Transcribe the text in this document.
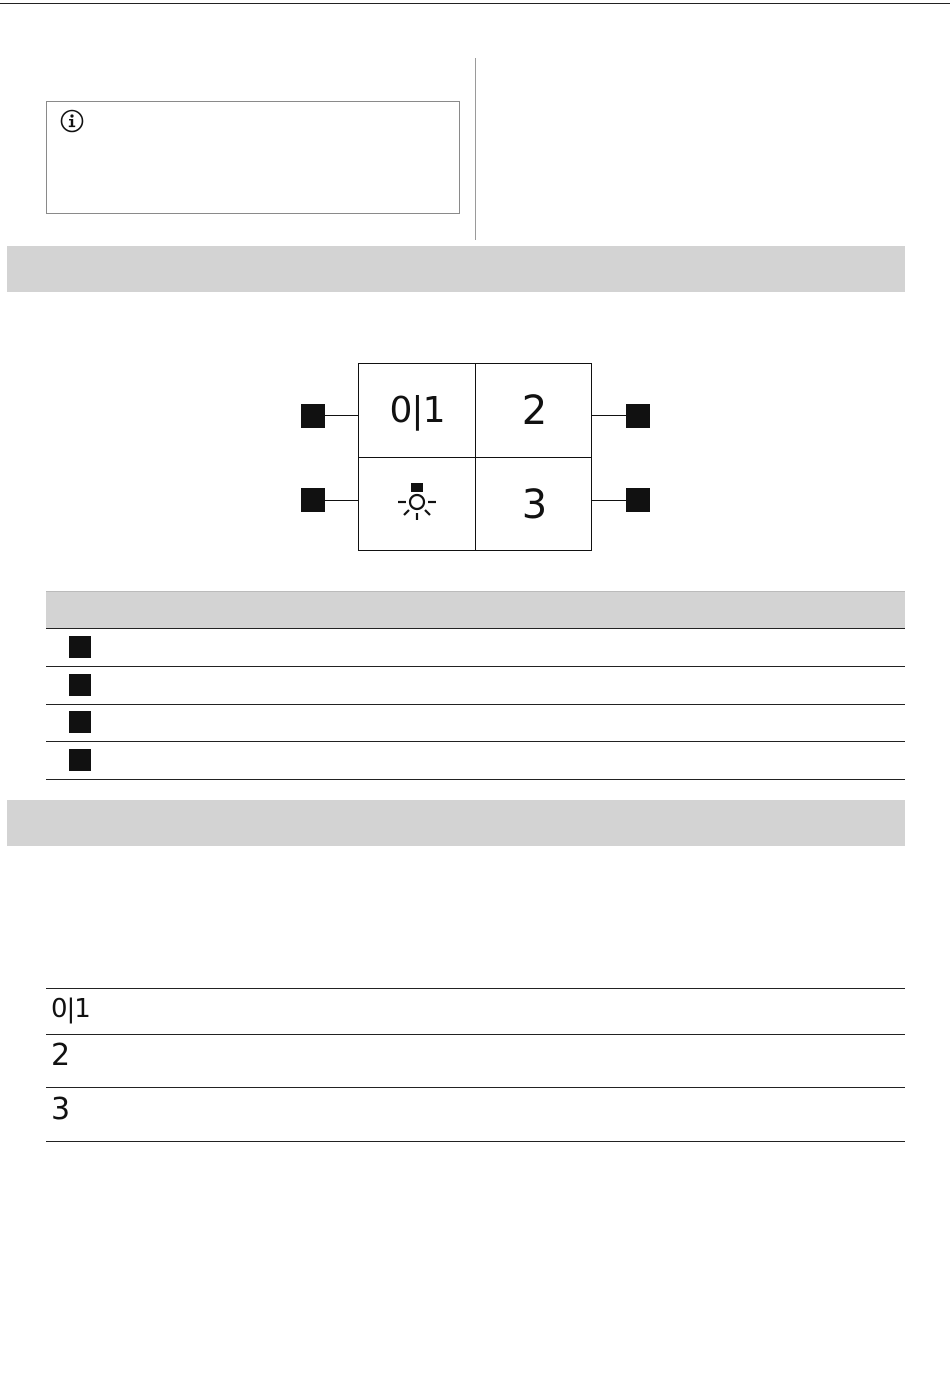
0|1 2
3
0|1
2
3
